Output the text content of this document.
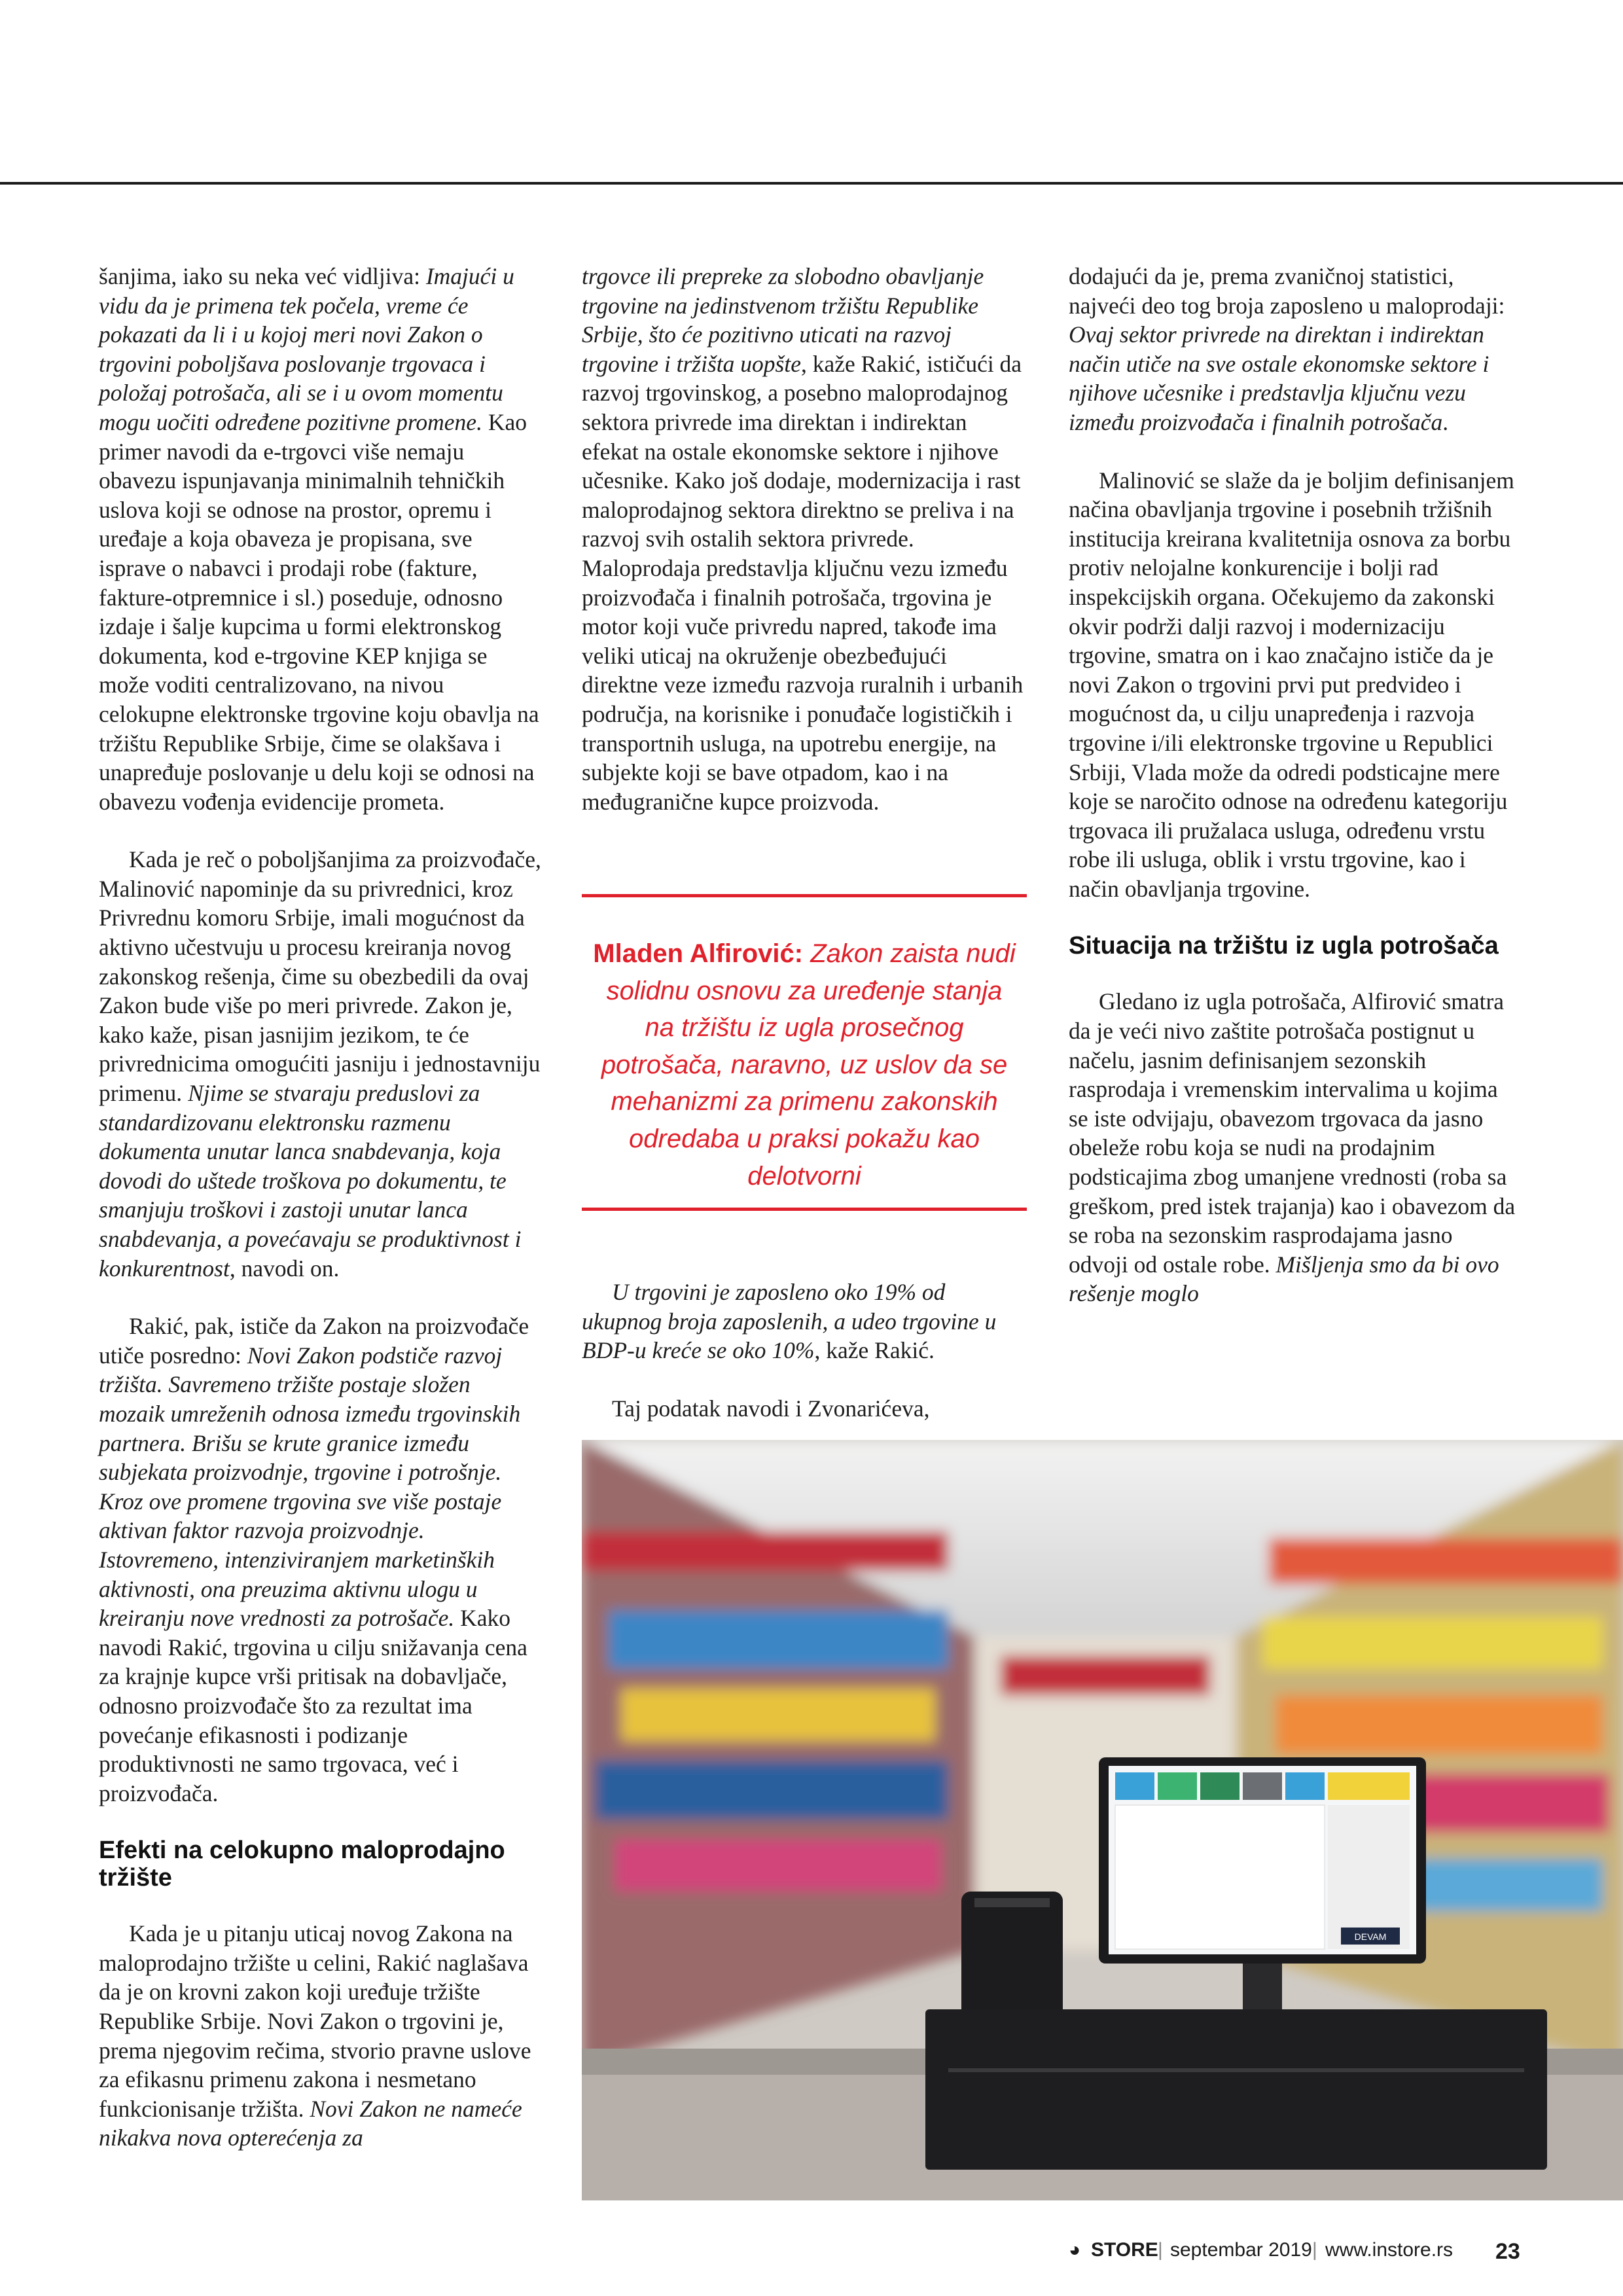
šanjima, iako su neka već vidljiva: Imajući u vidu da je primena tek počela, vreme će pokazati da li i u kojoj meri novi Zakon o trgovini poboljšava poslovanje trgovaca i položaj potrošača, ali se i u ovom momentu mogu uočiti određene pozitivne promene. Kao primer navodi da e-trgovci više nemaju obavezu ispunjavanja minimalnih tehničkih uslova koji se odnose na prostor, opremu i uređaje a koja obaveza je propisana, sve isprave o nabavci i prodaji robe (fakture, fakture-otpremnice i sl.) poseduje, odnosno izdaje i šalje kupcima u formi elektronskog dokumenta, kod e-trgovine KEP knjiga se može voditi centralizovano, na nivou celokupne elektronske trgovine koju obavlja na tržištu Republike Srbije, čime se olakšava i unapređuje poslovanje u delu koji se odnosi na obavezu vođenja evidencije prometa.

Kada je reč o poboljšanjima za proizvođače, Malinović napominje da su privrednici, kroz Privrednu komoru Srbije, imali mogućnost da aktivno učestvuju u procesu kreiranja novog zakonskog rešenja, čime su obezbedili da ovaj Zakon bude više po meri privrede. Zakon je, kako kaže, pisan jasnijim jezikom, te će privrednicima omogućiti jasniju i jednostavniju primenu. Njime se stvaraju preduslovi za standardizovanu elektronsku razmenu dokumenta unutar lanca snabdevanja, koja dovodi do uštede troškova po dokumentu, te smanjuju troškovi i zastoji unutar lanca snabdevanja, a povećavaju se produktivnost i konkurentnost, navodi on.

Rakić, pak, ističe da Zakon na proizvođače utiče posredno: Novi Zakon podstiče razvoj tržišta. Savremeno tržište postaje složen mozaik umreženih odnosa između trgovinskih partnera. Brišu se krute granice između subjekata proizvodnje, trgovine i potrošnje. Kroz ove promene trgovina sve više postaje aktivan faktor razvoja proizvodnje. Istovremeno, intenziviranjem marketinških aktivnosti, ona preuzima aktivnu ulogu u kreiranju nove vrednosti za potrošače. Kako navodi Rakić, trgovina u cilju snižavanja cena za krajnje kupce vrši pritisak na dobavljače, odnosno proizvođače što za rezultat ima povećanje efikasnosti i podizanje produktivnosti ne samo trgovaca, već i proizvođača.

Efekti na celokupno maloprodajno tržište

Kada je u pitanju uticaj novog Zakona na maloprodajno tržište u celini, Rakić naglašava da je on krovni zakon koji uređuje tržište Republike Srbije. Novi Zakon o trgovini je, prema njegovim rečima, stvorio pravne uslove za efikasnu primenu zakona i nesmetano funkcionisanje tržišta. Novi Zakon ne nameće nikakva nova opterećenja za

trgovce ili prepreke za slobodno obavljanje trgovine na jedinstvenom tržištu Republike Srbije, što će pozitivno uticati na razvoj trgovine i tržišta uopšte, kaže Rakić, ističući da razvoj trgovinskog, a posebno maloprodajnog sektora privrede ima direktan i indirektan efekat na ostale ekonomske sektore i njihove učesnike. Kako još dodaje, modernizacija i rast maloprodajnog sektora direktno se preliva i na razvoj svih ostalih sektora privrede. Maloprodaja predstavlja ključnu vezu između proizvođača i finalnih potrošača, trgovina je motor koji vuče privredu napred, takođe ima veliki uticaj na okruženje obezbeđujući direktne veze između razvoja ruralnih i urbanih područja, na korisnike i ponuđače logističkih i transportnih usluga, na upotrebu energije, na subjekte koji se bave otpadom, kao i na međugranične kupce proizvoda.

Mladen Alfirović: Zakon zaista nudi solidnu osnovu za uređenje stanja na tržištu iz ugla prosečnog potrošača, naravno, uz uslov da se mehanizmi za primenu zakonskih odredaba u praksi pokažu kao delotvorni

U trgovini je zaposleno oko 19% od ukupnog broja zaposlenih, a udeo trgovine u BDP-u kreće se oko 10%, kaže Rakić.

Taj podatak navodi i Zvonarićeva,

dodajući da je, prema zvaničnoj statistici, najveći deo tog broja zaposleno u maloprodaji: Ovaj sektor privrede na direktan i indirektan način utiče na sve ostale ekonomske sektore i njihove učesnike i predstavlja ključnu vezu između proizvođača i finalnih potrošača.

Malinović se slaže da je boljim definisanjem načina obavljanja trgovine i posebnih tržišnih institucija kreirana kvalitetnija osnova za borbu protiv nelojalne konkurencije i bolji rad inspekcijskih organa. Očekujemo da zakonski okvir podrži dalji razvoj i modernizaciju trgovine, smatra on i kao značajno ističe da je novi Zakon o trgovini prvi put predvideo i mogućnost da, u cilju unapređenja i razvoja trgovine i/ili elektronske trgovine u Republici Srbiji, Vlada može da odredi podsticajne mere koje se naročito odnose na određenu kategoriju trgovaca ili pružalaca usluga, određenu vrstu robe ili usluga, oblik i vrstu trgovine, kao i način obavljanja trgovine.

Situacija na tržištu iz ugla potrošača

Gledano iz ugla potrošača, Alfirović smatra da je veći nivo zaštite potrošača postignut u načelu, jasnim definisanjem sezonskih rasprodaja i vremenskim intervalima u kojima se iste odvijaju, obavezom trgovaca da jasno obeleže robu koja se nudi na prodajnim podsticajima zbog umanjene vrednosti (roba sa greškom, pred istek trajanja) kao i obavezom da se roba na sezonskim rasprodajama jasno odvoji od ostale robe. Mišljenja smo da bi ovo rešenje moglo

DEVAM
◕ STORE | septembar 2019 | www.instore.rs 23
